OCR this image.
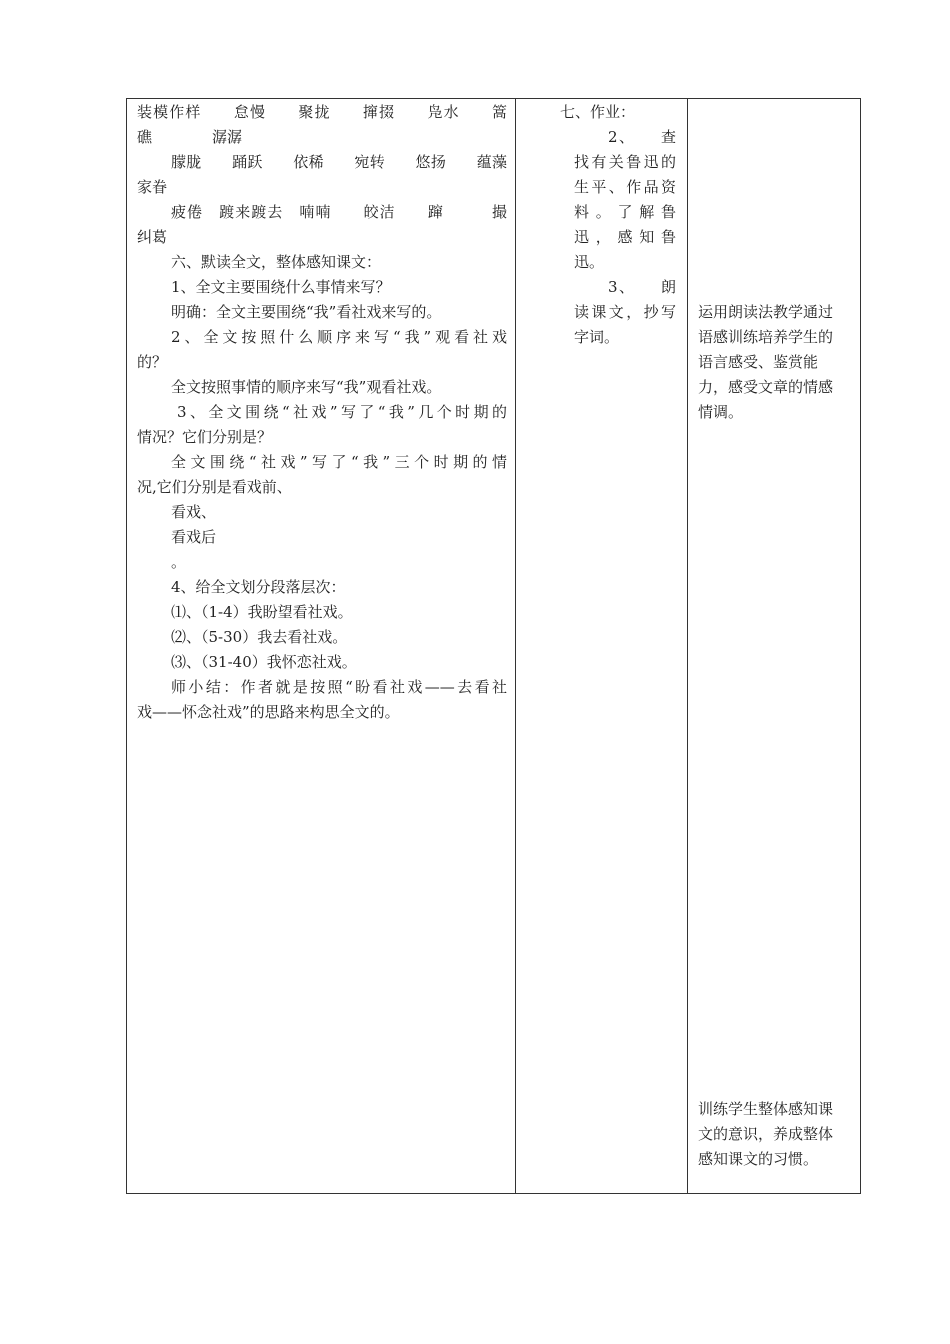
装模作样　　怠慢　　聚拢　　撺掇　　凫水　　篙
礁　　　　潺潺
朦胧　　踊跃　　依稀　　宛转　　悠扬　　蕴藻
家眷
疲倦　踱来踱去　喃喃　　皎洁　　蹿　　　撮
纠葛
六、默读全文，整体感知课文：
1、全文主要围绕什么事情来写？
明确：全文主要围绕“我”看社戏来写的。
2、全文按照什么顺序来写“我”观看社戏
的？
全文按照事情的顺序来写“我”观看社戏。
3、全文围绕“社戏”写了“我”几个时期的
情况？它们分别是？
全文围绕“社戏”写了“我”三个时期的情
况,它们分别是看戏前、
看戏、
看戏后
。
4、给全文划分段落层次：
⑴、（1-4）我盼望看社戏。
⑵、（5-30）我去看社戏。
⑶、（31-40）我怀恋社戏。
师小结：作者就是按照“盼看社戏——去看社
戏——怀念社戏”的思路来构思全文的。
七、作业：
2、　　查
找有关鲁迅的
生平、作品资
料。了解鲁
迅，感知鲁
迅。
3、　　朗
读课文，抄写
字词。
运用朗读法教学通过
语感训练培养学生的
语言感受、鉴赏能
力，感受文章的情感
情调。
训练学生整体感知课
文的意识，养成整体
感知课文的习惯。
